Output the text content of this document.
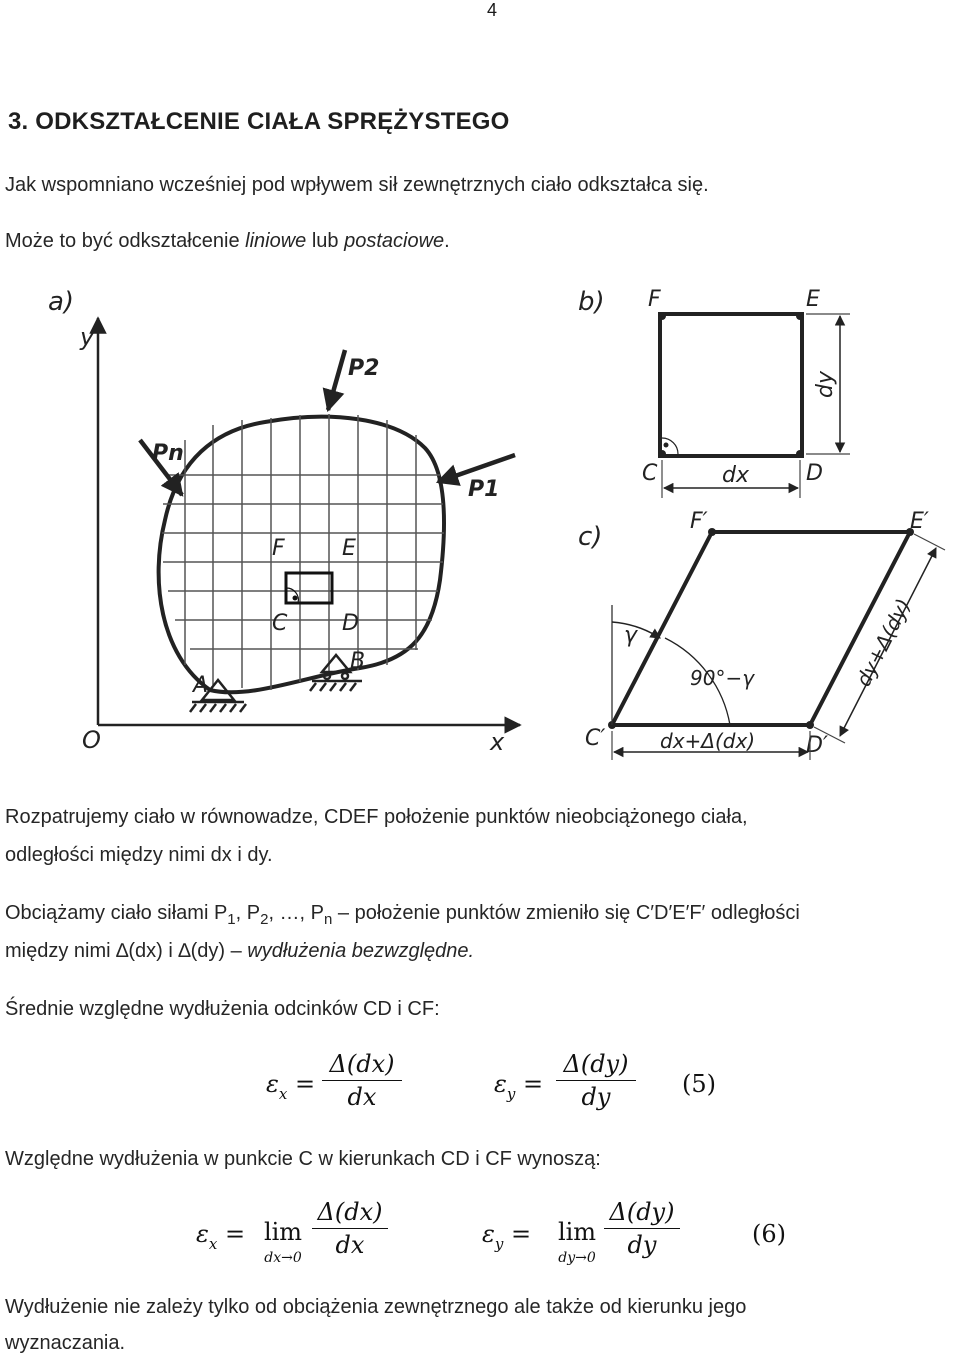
4
3. ODKSZTAŁCENIE CIAŁA SPRĘŻYSTEGO
Jak wspomniano wcześniej pod wpływem sił zewnętrznych ciało odkształca się.
Może to być odkształcenie liniowe lub postaciowe.
a)
y
x
O
F	E
C D
P2
Pn
P1
A
B
b) F	E
C	D
dx
dy
c)
F′	E′
C′	D′
γ
90°−γ
dx+Δ(dx)
dy+Δ(dy)
Rozpatrujemy ciało w równowadze, CDEF położenie punktów nieobciążonego ciała,
odległości między nimi dx i dy.
Obciążamy ciało siłami $P_1$, $P_2$, …, $P_n$ – położenie punktów zmieniło się C′D′E′F′ odległości
między nimi ∆(dx) i ∆(dy) – wydłużenia bezwzględne.
Średnie względne wydłużenia odcinków CD i CF:
$\varepsilon_x$ =
Δ(dx)
dx	$\varepsilon_y$ =
Δ(dy)
dy	(5)
Względne wydłużenia w punkcie C w kierunkach CD i CF wynoszą:
$\varepsilon_x = \lim$
$^{dx\to 0}$
Δ(dx)
dx	$\varepsilon_y = \lim$
$^{dy\to 0}$
Δ(dy)
dy	(6)
Wydłużenie nie zależy tylko od obciążenia zewnętrznego ale także od kierunku jego
wyznaczania.
